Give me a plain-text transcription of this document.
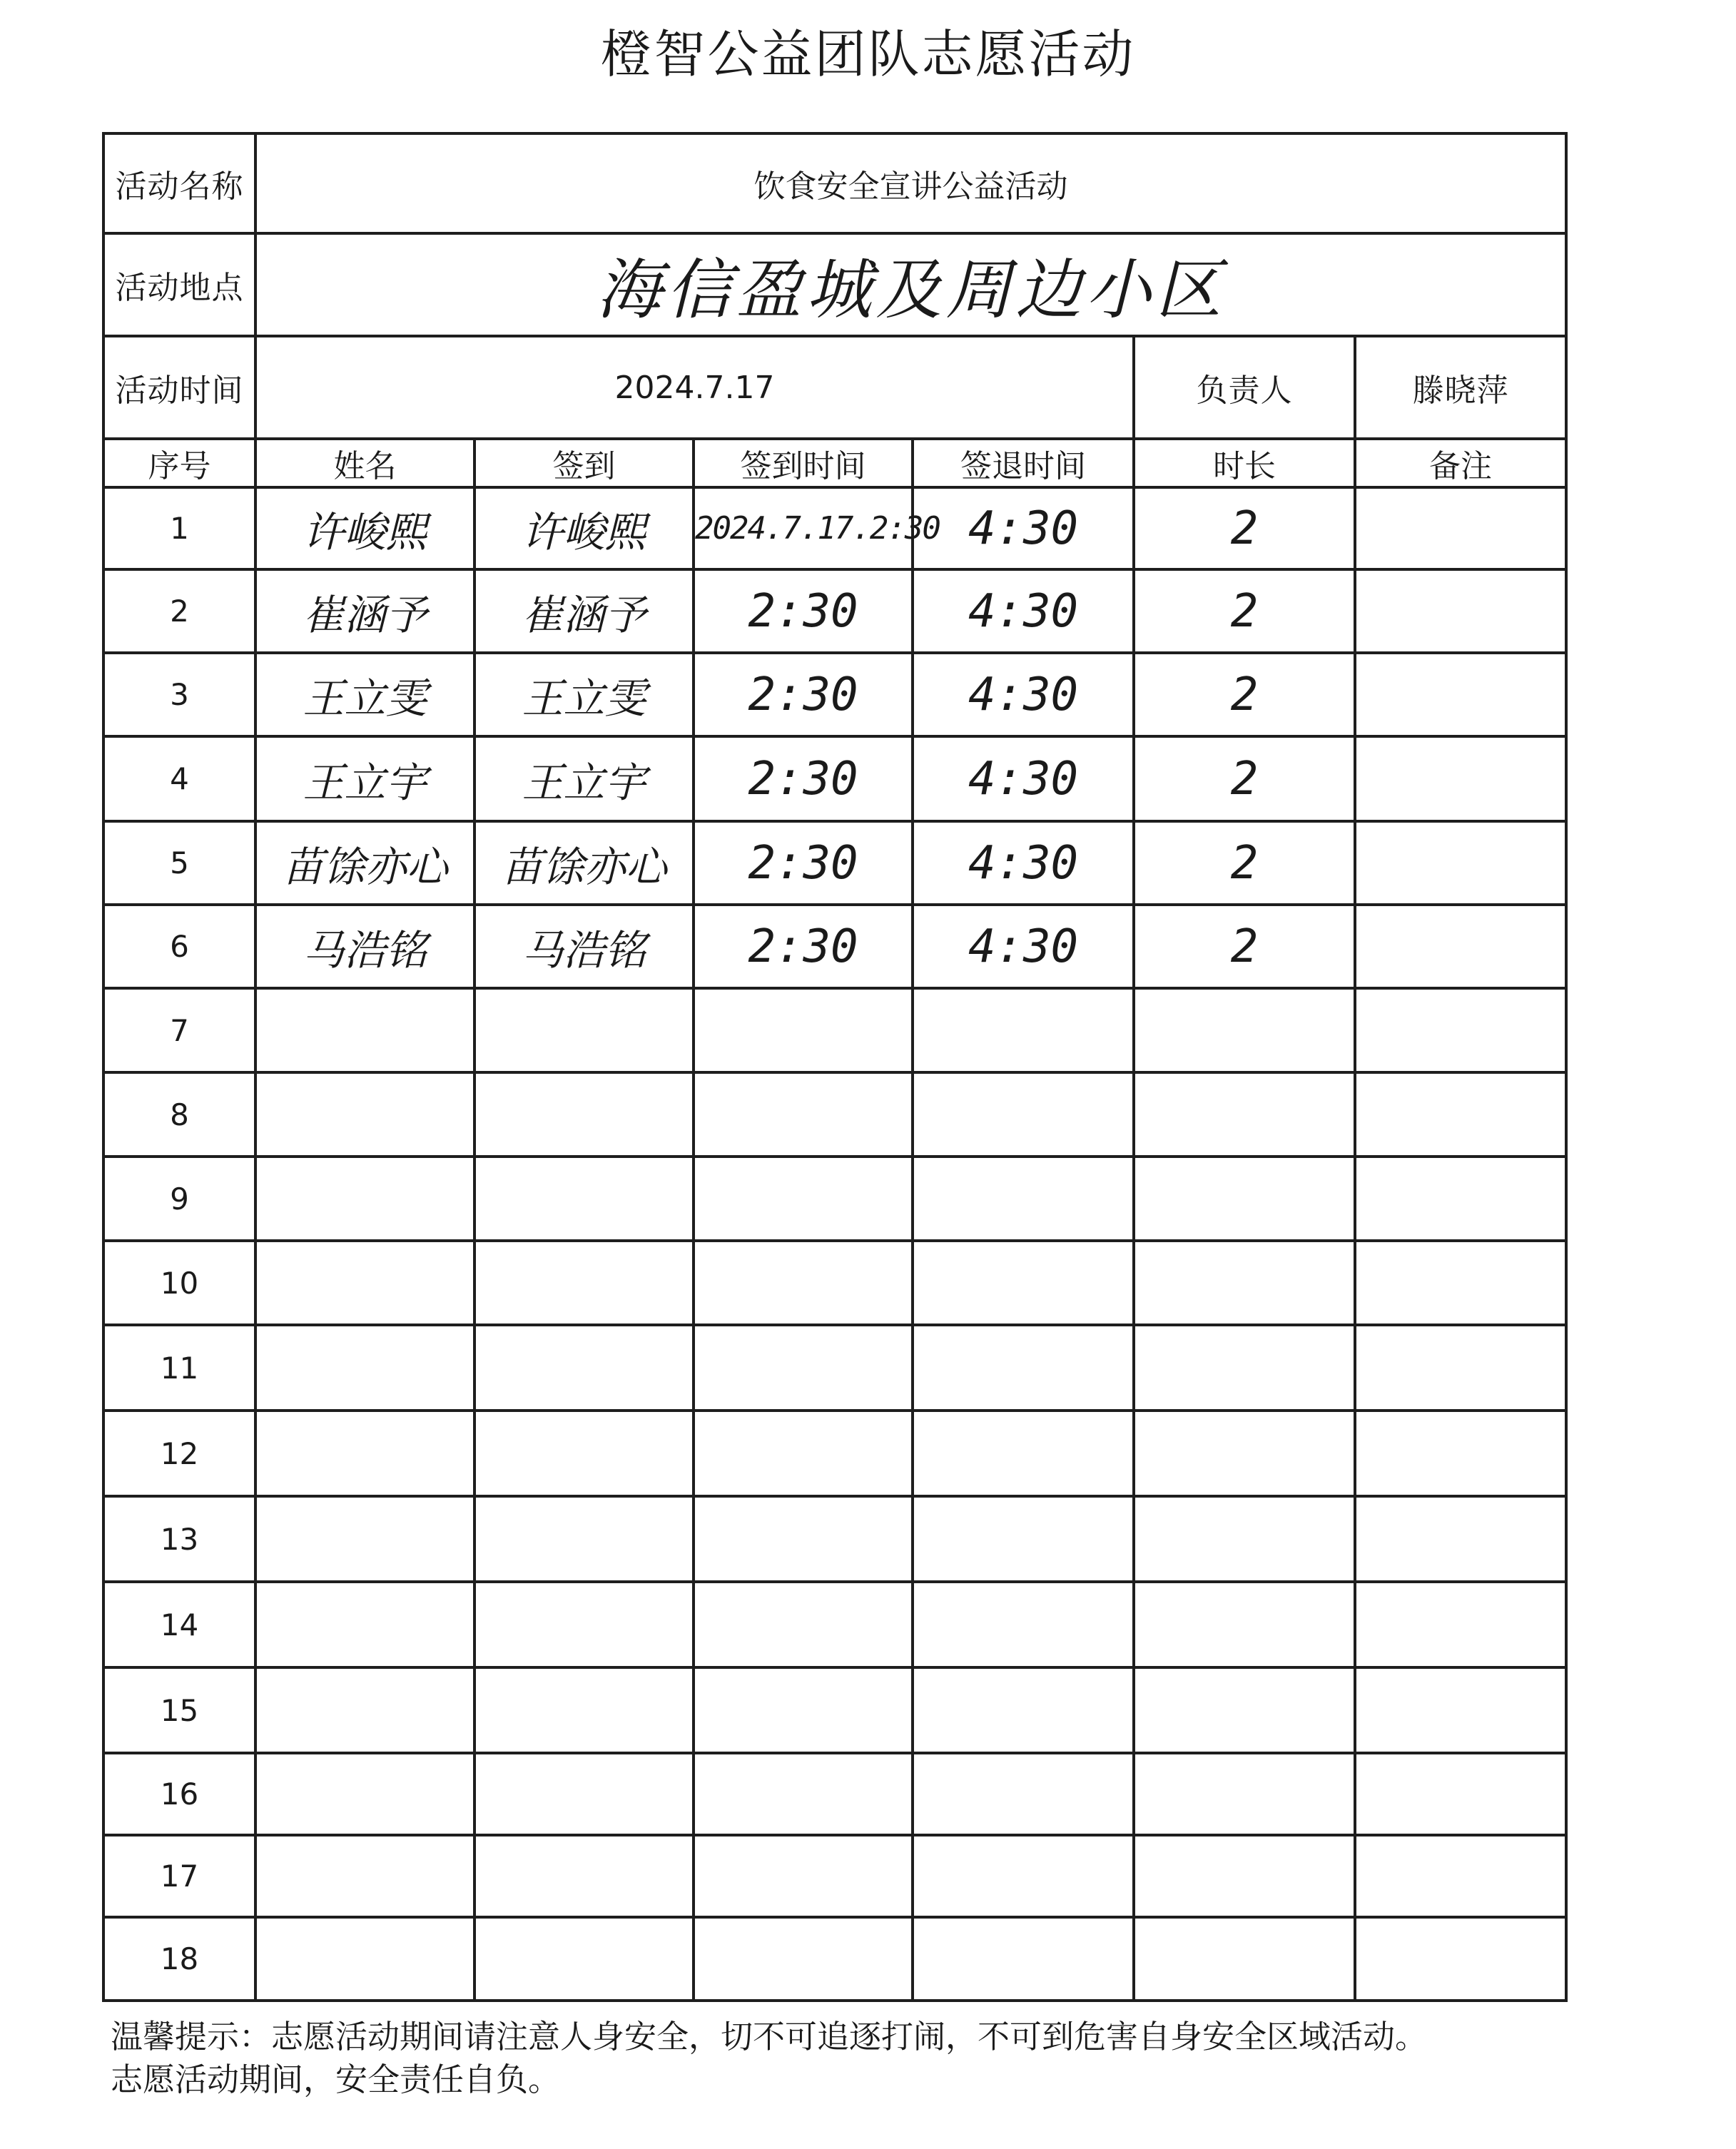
橙智公益团队志愿活动
活动名称	饮食安全宣讲公益活动					
活动地点	海信盈城及周边小区					
活动时间	2024.7.17				负责人	滕晓萍
序号	姓名	签到	签到时间	签退时间	时长	备注
1	许峻熙	许峻熙	2024.7.17.2:30	4:30	2	
2	崔涵予	崔涵予	2:30	4:30	2	
3	王立雯	王立雯	2:30	4:30	2	
4	王立宇	王立宇	2:30	4:30	2	
5	苗馀亦心	苗馀亦心	2:30	4:30	2	
6	马浩铭	马浩铭	2:30	4:30	2	
7						
8						
9						
10						
11						
12						
13						
14						
15						
16						
17						
18						
温馨提示：志愿活动期间请注意人身安全，切不可追逐打闹，不可到危害自身安全区域活动。
志愿活动期间，安全责任自负。
